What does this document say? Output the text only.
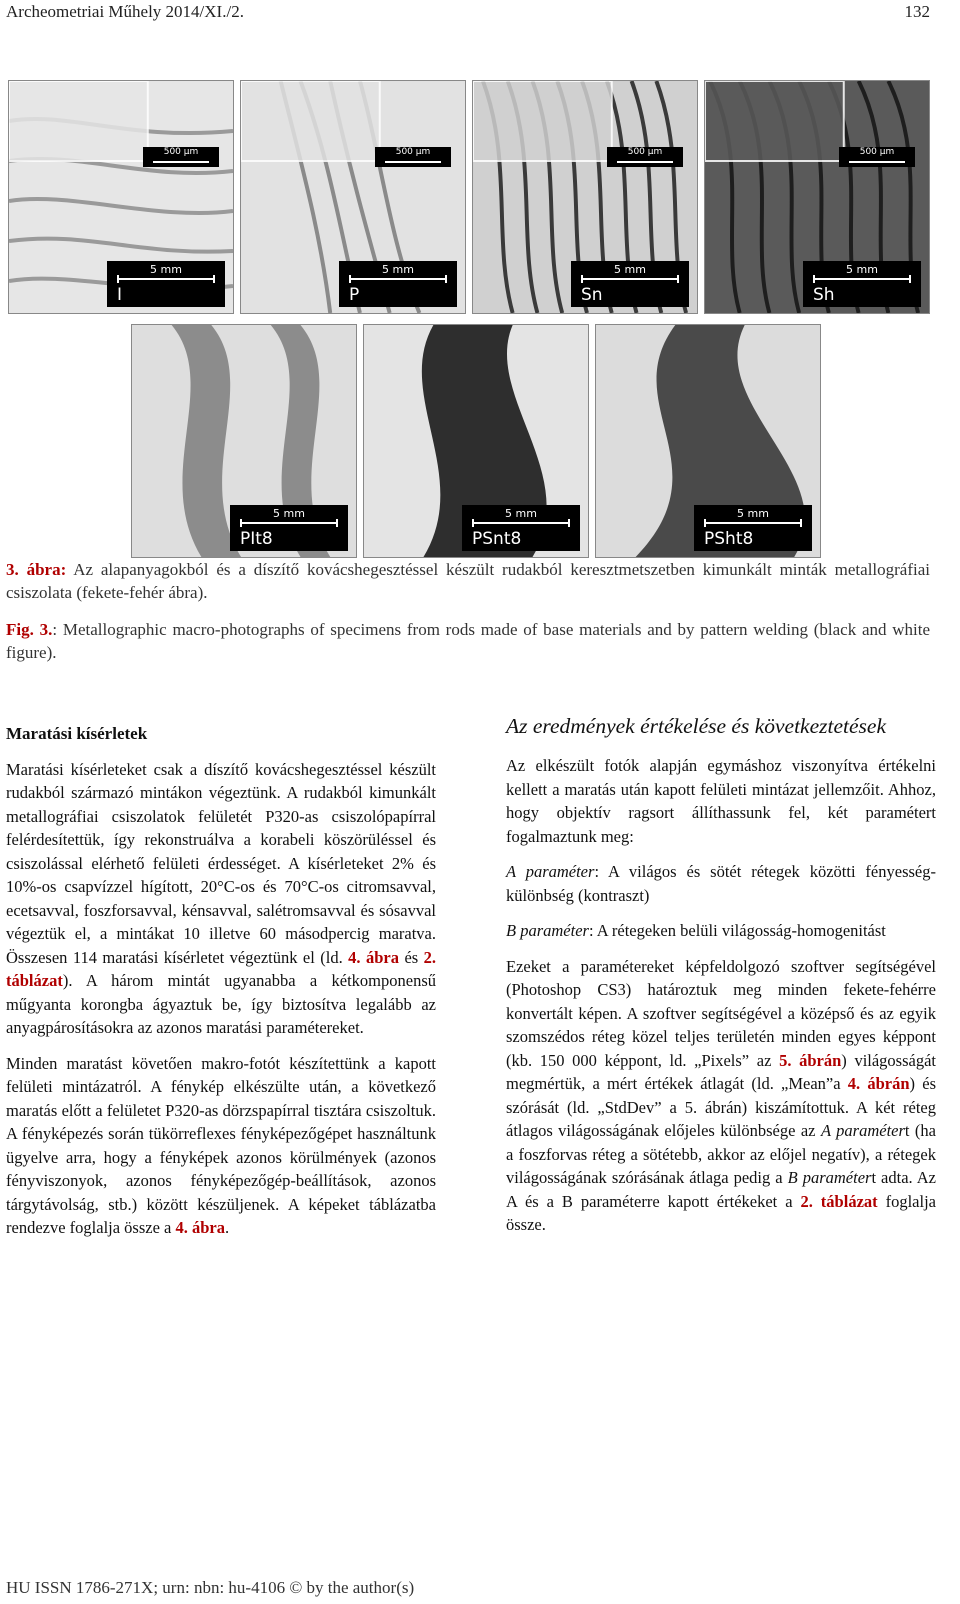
Archeometriai Műhely 2014/XI./2.	132
500 μm
5 mm
I
500 μm
5 mm
P
500 μm
5 mm
Sn
500 μm
5 mm
Sh
5 mm
PIt8
5 mm
PSnt8
5 mm
PSht8
3. ábra: Az alapanyagokból és a díszítő kovácshegesztéssel készült rudakból keresztmetszetben kimunkált minták metallográfiai csiszolata (fekete-fehér ábra).
Fig. 3.: Metallographic macro-photographs of specimens from rods made of base materials and by pattern welding (black and white figure).
Maratási kísérletek

Maratási kísérleteket csak a díszítő kovácshegesztéssel készült rudakból származó mintákon végeztünk. A rudakból kimunkált metallográfiai csiszolatok felületét P320-as csiszolópapírral felérdesítettük, így rekonstruálva a korabeli köszörüléssel és csiszolással elérhető felületi érdességet. A kísérleteket 2% és 10%-os csapvízzel hígított, 20°C-os és 70°C-os citromsavval, ecetsavval, foszforsavval, kénsavval, salétromsavval és sósavval végeztük el, a mintákat 10 illetve 60 másodpercig maratva. Összesen 114 maratási kísérletet végeztünk el (ld. 4. ábra és 2. táblázat). A három mintát ugyanabba a kétkomponensű műgyanta korongba ágyaztuk be, így biztosítva legalább az anyagpárosításokra az azonos maratási paramétereket.

Minden maratást követően makro-fotót készítettünk a kapott felületi mintázatról. A fénykép elkészülte után, a következő maratás előtt a felületet P320-as dörzspapírral tisztára csiszoltuk. A fényképezés során tükörreflexes fényképezőgépet használtunk ügyelve arra, hogy a fényképek azonos körülmények (azonos fényviszonyok, azonos fényképezőgép-beállítások, azonos tárgytávolság, stb.) között készüljenek. A képeket táblázatba rendezve foglalja össze a 4. ábra.

Az eredmények értékelése és következtetések

Az elkészült fotók alapján egymáshoz viszonyítva értékelni kellett a maratás után kapott felületi mintázat jellemzőit. Ahhoz, hogy objektív ragsort állíthassunk fel, két paramétert fogalmaztunk meg:

A paraméter: A világos és sötét rétegek közötti fényesség-különbség (kontraszt)

B paraméter: A rétegeken belüli világosság-homogenitást

Ezeket a paramétereket képfeldolgozó szoftver segítségével (Photoshop CS3) határoztuk meg minden fekete-fehérre konvertált képen. A szoftver segítségével a középső és az egyik szomszédos réteg közel teljes területén minden egyes képpont (kb. 150 000 képpont, ld. „Pixels” az 5. ábrán) világosságát megmértük, a mért értékek átlagát (ld. „Mean”a 4. ábrán) és szórását (ld. „StdDev” a 5. ábrán) kiszámítottuk. A két réteg átlagos világosságának előjeles különbsége az A paramétert (ha a foszforvas réteg a sötétebb, akkor az előjel negatív), a rétegek világosságának szórásának átlaga pedig a B paramétert adta. Az A és a B paraméterre kapott értékeket a 2. táblázat foglalja össze.

HU ISSN 1786-271X; urn: nbn: hu-4106 © by the author(s)
